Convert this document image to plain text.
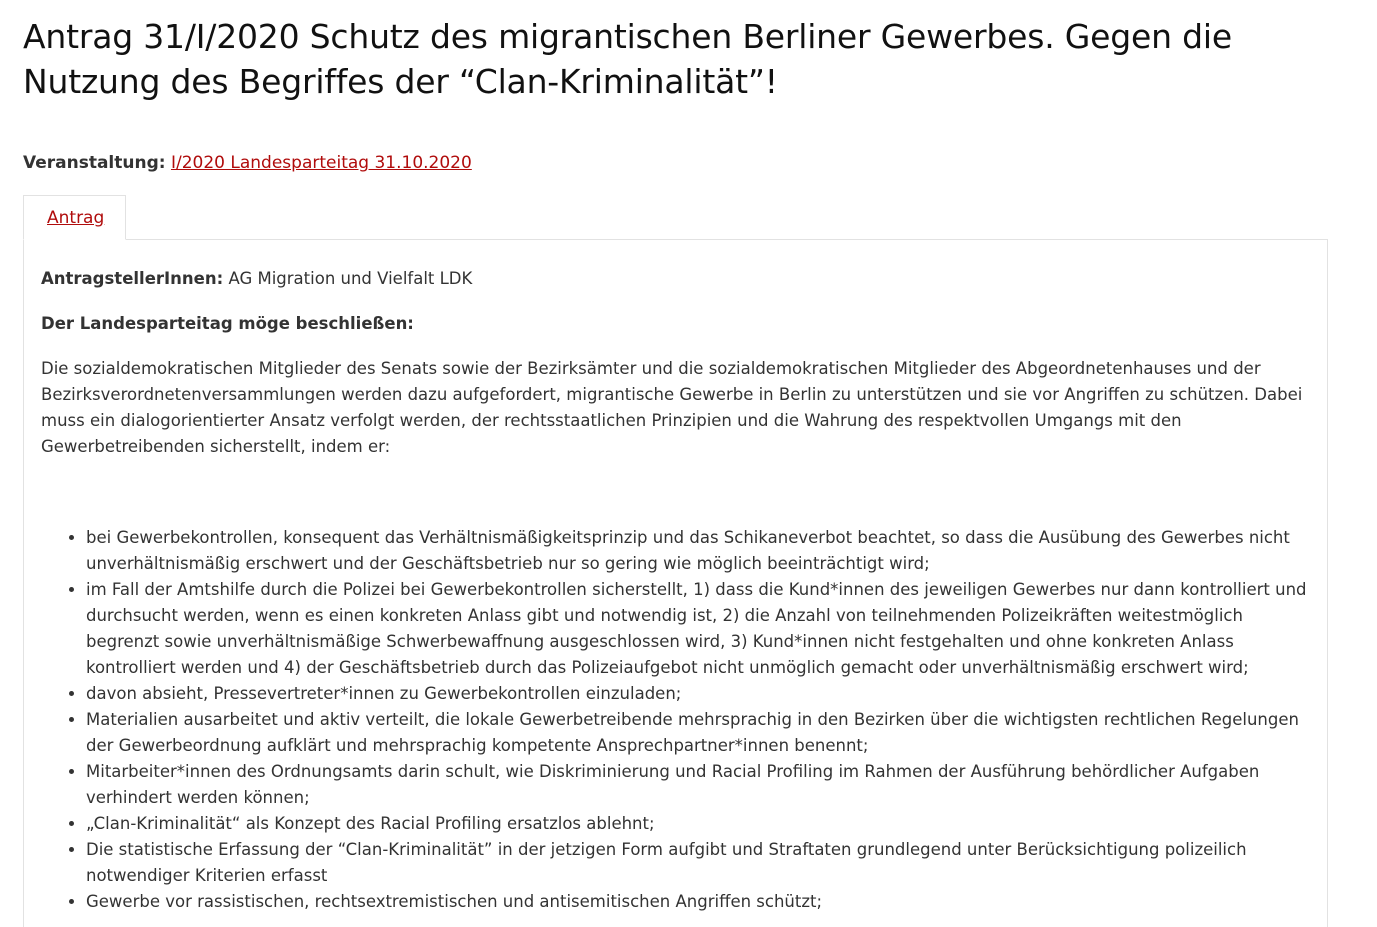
Antrag 31/I/2020 Schutz des migrantischen Berliner Gewerbes. Gegen die Nutzung des Begriffes der “Clan-Kriminalität”!
Veranstaltung: I/2020 Landesparteitag 31.10.2020
Antrag
AntragstellerInnen: AG Migration und Vielfalt LDK
Der Landesparteitag möge beschließen:

Die sozialdemokratischen Mitglieder des Senats sowie der Bezirksämter und die sozialdemokratischen Mitglieder des Abgeordnetenhauses und der Bezirksverordnetenversammlungen werden dazu aufgefordert, migrantische Gewerbe in Berlin zu unterstützen und sie vor Angriffen zu schützen. Dabei muss ein dialogorientierter Ansatz verfolgt werden, der rechtsstaatlichen Prinzipien und die Wahrung des respektvollen Umgangs mit den Gewerbetreibenden sicherstellt, indem er:

• bei Gewerbekontrollen, konsequent das Verhältnismäßigkeitsprinzip und das Schikaneverbot beachtet, so dass die Ausübung des Gewerbes nicht unverhältnismäßig erschwert und der Geschäftsbetrieb nur so gering wie möglich beeinträchtigt wird;
• im Fall der Amtshilfe durch die Polizei bei Gewerbekontrollen sicherstellt, 1) dass die Kund*innen des jeweiligen Gewerbes nur dann kontrolliert und durchsucht werden, wenn es einen konkreten Anlass gibt und notwendig ist, 2) die Anzahl von teilnehmenden Polizeikräften weitestmöglich begrenzt sowie unverhältnismäßige Schwerbewaffnung ausgeschlossen wird, 3) Kund*innen nicht festgehalten und ohne konkreten Anlass kontrolliert werden und 4) der Geschäftsbetrieb durch das Polizeiaufgebot nicht unmöglich gemacht oder unverhältnismäßig erschwert wird;
• davon absieht, Pressevertreter*innen zu Gewerbekontrollen einzuladen;
• Materialien ausarbeitet und aktiv verteilt, die lokale Gewerbetreibende mehrsprachig in den Bezirken über die wichtigsten rechtlichen Regelungen der Gewerbeordnung aufklärt und mehrsprachig kompetente Ansprechpartner*innen benennt;
• Mitarbeiter*innen des Ordnungsamts darin schult, wie Diskriminierung und Racial Profiling im Rahmen der Ausführung behördlicher Aufgaben verhindert werden können;
• „Clan-Kriminalität“ als Konzept des Racial Profiling ersatzlos ablehnt;
• Die statistische Erfassung der “Clan-Kriminalität” in der jetzigen Form aufgibt und Straftaten grundlegend unter Berücksichtigung polizeilich notwendiger Kriterien erfasst
• Gewerbe vor rassistischen, rechtsextremistischen und antisemitischen Angriffen schützt;
